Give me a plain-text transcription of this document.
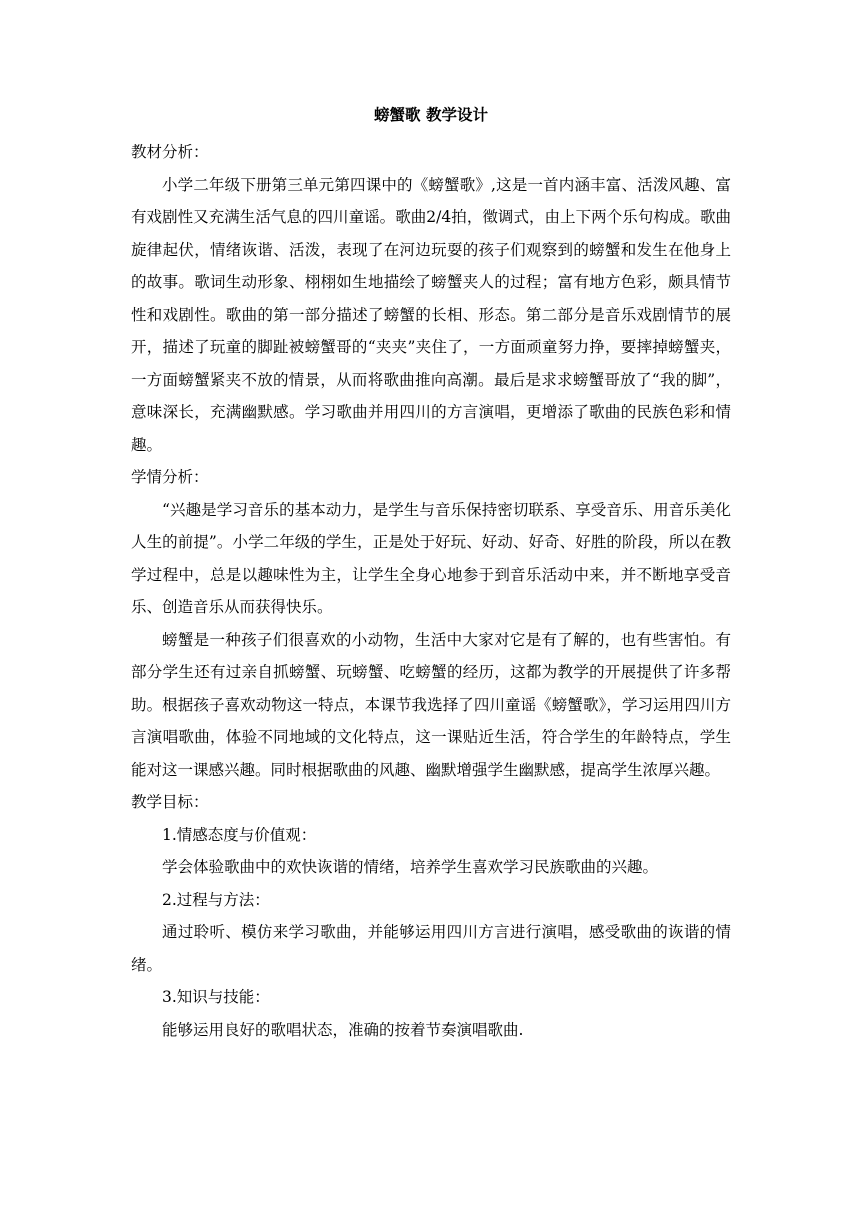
螃蟹歌 教学设计
教材分析：
小学二年级下册第三单元第四课中的《螃蟹歌》,这是一首内涵丰富、活泼风趣、富有戏剧性又充满生活气息的四川童谣。歌曲2/4拍，徵调式，由上下两个乐句构成。歌曲旋律起伏，情绪诙谐、活泼，表现了在河边玩耍的孩子们观察到的螃蟹和发生在他身上的故事。歌词生动形象、栩栩如生地描绘了螃蟹夹人的过程；富有地方色彩，颇具情节性和戏剧性。歌曲的第一部分描述了螃蟹的长相、形态。第二部分是音乐戏剧情节的展开，描述了玩童的脚趾被螃蟹哥的“夹夹”夹住了，一方面顽童努力挣，要摔掉螃蟹夹，一方面螃蟹紧夹不放的情景，从而将歌曲推向高潮。最后是求求螃蟹哥放了“我的脚”，意味深长，充满幽默感。学习歌曲并用四川的方言演唱，更增添了歌曲的民族色彩和情趣。
学情分析：
“兴趣是学习音乐的基本动力，是学生与音乐保持密切联系、享受音乐、用音乐美化人生的前提”。小学二年级的学生，正是处于好玩、好动、好奇、好胜的阶段，所以在教学过程中，总是以趣味性为主，让学生全身心地参于到音乐活动中来，并不断地享受音乐、创造音乐从而获得快乐。
螃蟹是一种孩子们很喜欢的小动物，生活中大家对它是有了解的，也有些害怕。有部分学生还有过亲自抓螃蟹、玩螃蟹、吃螃蟹的经历，这都为教学的开展提供了许多帮助。根据孩子喜欢动物这一特点，本课节我选择了四川童谣《螃蟹歌》，学习运用四川方言演唱歌曲，体验不同地域的文化特点，这一课贴近生活，符合学生的年龄特点，学生能对这一课感兴趣。同时根据歌曲的风趣、幽默增强学生幽默感，提高学生浓厚兴趣。
教学目标：
1.情感态度与价值观：
学会体验歌曲中的欢快诙谐的情绪，培养学生喜欢学习民族歌曲的兴趣。
2.过程与方法：
通过聆听、模仿来学习歌曲，并能够运用四川方言进行演唱，感受歌曲的诙谐的情绪。
3.知识与技能：
能够运用良好的歌唱状态，准确的按着节奏演唱歌曲.
